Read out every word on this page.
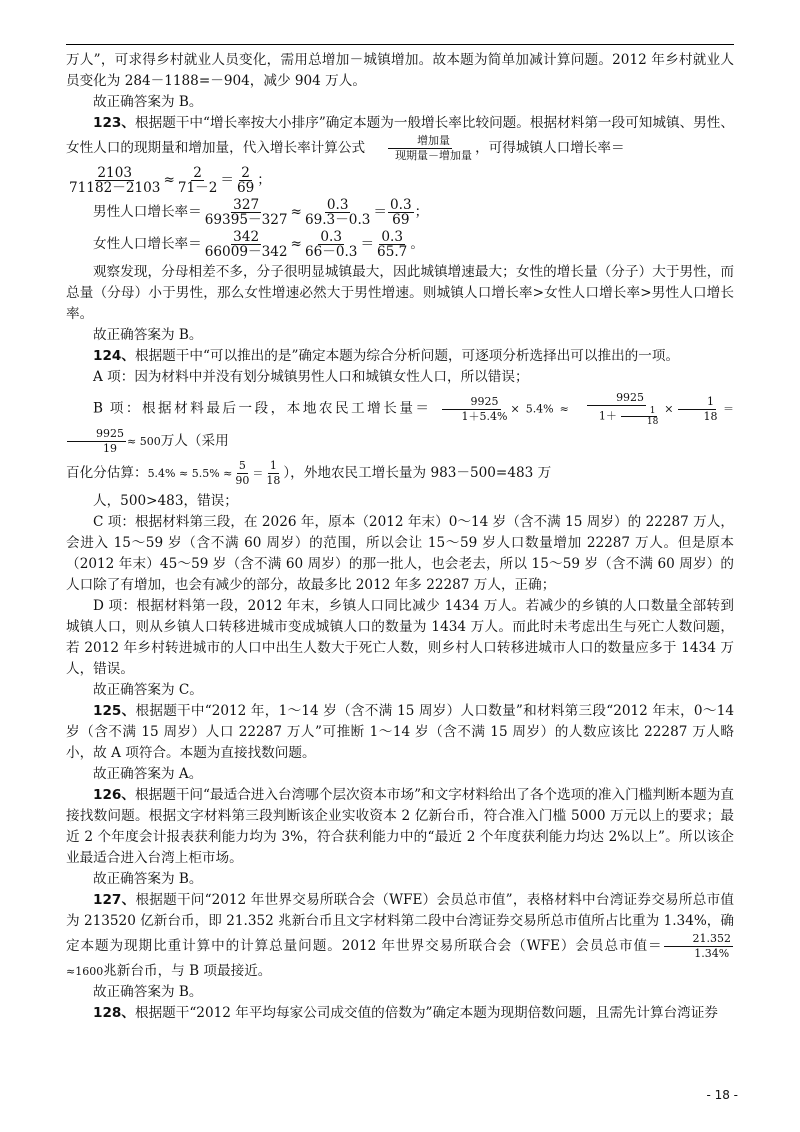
万人”，可求得乡村就业人员变化，需用总增加－城镇增加。故本题为简单加减计算问题。2012 年乡村就业人员变化为 284－1188=－904，减少 904 万人。

故正确答案为 B。

123、根据题干中“增长率按大小排序”确定本题为一般增长率比较问题。根据材料第一段可知城镇、男性、女性人口的现期量和增加量，代入增长率计算公式 $\frac{\text{增加量}}{\text{现期量－增加量}}$ ，可得城镇人口增长率＝

$\frac{2103}{71182-2103} \approx \frac{2}{71-2} = \frac{2}{69}$ ；

男性人口增长率＝ $\frac{327}{69395-327} \approx \frac{0.3}{69.3-0.3} = \frac{0.3}{69}$ ；

女性人口增长率＝ $\frac{342}{66009-342} \approx \frac{0.3}{66-0.3} = \frac{0.3}{65.7}$ 。

观察发现，分母相差不多，分子很明显城镇最大，因此城镇增速最大；女性的增长量（分子）大于男性，而总量（分母）小于男性，那么女性增速必然大于男性增速。则城镇人口增长率>女性人口增长率>男性人口增长率。

故正确答案为 B。

124、根据题干中“可以推出的是”确定本题为综合分析问题，可逐项分析选择出可以推出的一项。

A 项：因为材料中并没有划分城镇男性人口和城镇女性人口，所以错误；

B 项：根据材料最后一段，本地农民工增长量＝ $\frac{9925}{1+5.4\%} \times 5.4\% \approx \frac{9925}{1+ \frac{1}{18}} \times \frac{1}{18}$ ＝
$\frac{9925}{19} \approx 500$万人（采用

百化分估算：$5.4\% \approx 5.5\% \approx \frac{5}{90} = \frac{1}{18}$ ），外地农民工增长量为 983－500=483 万

人，500>483，错误；

C 项：根据材料第三段，在 2026 年，原本（2012 年末）0～14 岁（含不满 15 周岁）的 22287 万人，会进入 15～59 岁（含不满 60 周岁）的范围，所以会让 15～59 岁人口数量增加 22287 万人。但是原本（2012 年末）45～59 岁（含不满 60 周岁）的那一批人，也会老去，所以 15～59 岁（含不满 60 周岁）的人口除了有增加，也会有减少的部分，故最多比 2012 年多 22287 万人，正确；

D 项：根据材料第一段，2012 年末，乡镇人口同比减少 1434 万人。若减少的乡镇的人口数量全部转到城镇人口，则从乡镇人口转移进城市变成城镇人口的数量为 1434 万人。而此时未考虑出生与死亡人数问题，若 2012 年乡村转进城市的人口中出生人数大于死亡人数，则乡村人口转移进城市人口的数量应多于 1434 万人，错误。

故正确答案为 C。

125、根据题干中“2012 年，1～14 岁（含不满 15 周岁）人口数量”和材料第三段“2012 年末，0～14 岁（含不满 15 周岁）人口 22287 万人”可推断 1～14 岁（含不满 15 周岁）的人数应该比 22287 万人略小，故 A 项符合。本题为直接找数问题。

故正确答案为 A。

126、根据题干问“最适合进入台湾哪个层次资本市场”和文字材料给出了各个选项的准入门槛判断本题为直接找数问题。根据文字材料第三段判断该企业实收资本 2 亿新台币，符合准入门槛 5000 万元以上的要求；最近 2 个年度会计报表获利能力均为 3%，符合获利能力中的“最近 2 个年度获利能力均达 2%以上”。所以该企业最适合进入台湾上柜市场。

故正确答案为 B。

127、根据题干问“2012 年世界交易所联合会（WFE）会员总市值”，表格材料中台湾证券交易所总市值为 213520 亿新台币，即 21.352 兆新台币且文字材料第二段中台湾证券交易所总市值所占比重为 1.34%，确定本题为现期比重计算中的计算总量问题。2012 年世界交易所联合会（WFE）会员总市值＝ $\frac{21.352}{1.34\%}$
≈1600兆新台币，与 B 项最接近。

故正确答案为 B。

128、根据题干“2012 年平均每家公司成交值的倍数为”确定本题为现期倍数问题，且需先计算台湾证券

- 18 -
